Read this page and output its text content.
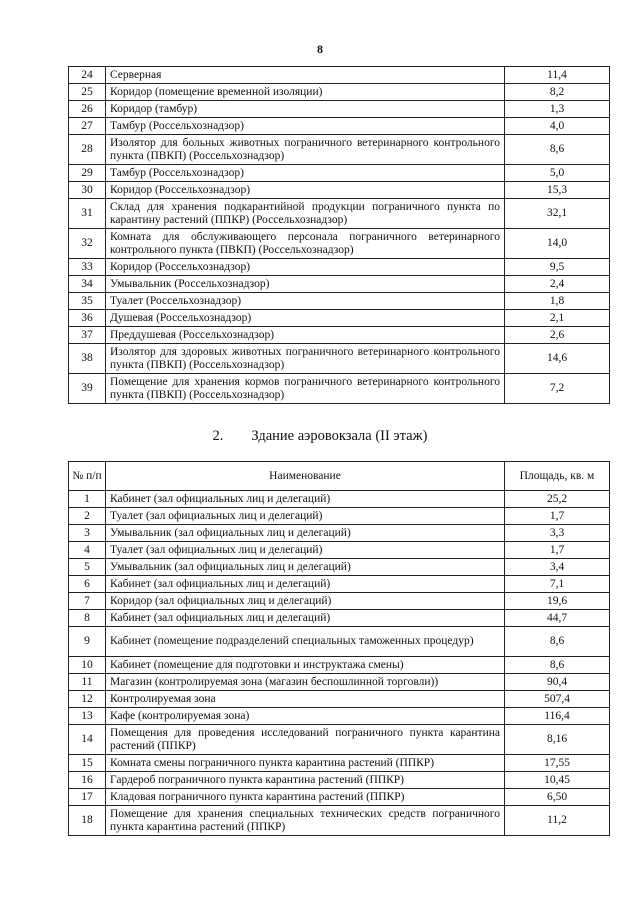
8
24	Серверная	11,4
25	Коридор (помещение временной изоляции)	8,2
26	Коридор (тамбур)	1,3
27	Тамбур (Россельхознадзор)	4,0
28	Изолятор для больных животных пограничного ветеринарного контрольного пункта (ПВКП) (Россельхознадзор)	8,6
29	Тамбур (Россельхознадзор)	5,0
30	Коридор (Россельхознадзор)	15,3
31	Склад для хранения подкарантийной продукции пограничного пункта по карантину растений (ППКР) (Россельхознадзор)	32,1
32	Комната для обслуживающего персонала пограничного ветеринарного контрольного пункта (ПВКП) (Россельхознадзор)	14,0
33	Коридор (Россельхознадзор)	9,5
34	Умывальник (Россельхознадзор)	2,4
35	Туалет (Россельхознадзор)	1,8
36	Душевая (Россельхознадзор)	2,1
37	Преддушевая (Россельхознадзор)	2,6
38	Изолятор для здоровых животных пограничного ветеринарного контрольного пункта (ПВКП) (Россельхознадзор)	14,6
39	Помещение для хранения кормов пограничного ветеринарного контрольного пункта (ПВКП) (Россельхознадзор)	7,2
2. Здание аэровокзала (II этаж)
№ п/п	Наименование	Площадь, кв. м
1	Кабинет (зал официальных лиц и делегаций)	25,2
2	Туалет (зал официальных лиц и делегаций)	1,7
3	Умывальник (зал официальных лиц и делегаций)	3,3
4	Туалет (зал официальных лиц и делегаций)	1,7
5	Умывальник (зал официальных лиц и делегаций)	3,4
6	Кабинет (зал официальных лиц и делегаций)	7,1
7	Коридор (зал официальных лиц и делегаций)	19,6
8	Кабинет (зал официальных лиц и делегаций)	44,7
9	Кабинет (помещение подразделений специальных таможенных процедур)	8,6
10	Кабинет (помещение для подготовки и инструктажа смены)	8,6
11	Магазин (контролируемая зона (магазин беспошлинной торговли))	90,4
12	Контролируемая зона	507,4
13	Кафе (контролируемая зона)	116,4
14	Помещения для проведения исследований пограничного пункта карантина растений (ППКР)	8,16
15	Комната смены пограничного пункта карантина растений (ППКР)	17,55
16	Гардероб пограничного пункта карантина растений (ППКР)	10,45
17	Кладовая пограничного пункта карантина растений (ППКР)	6,50
18	Помещение для хранения специальных технических средств пограничного пункта карантина растений (ППКР)	11,2
